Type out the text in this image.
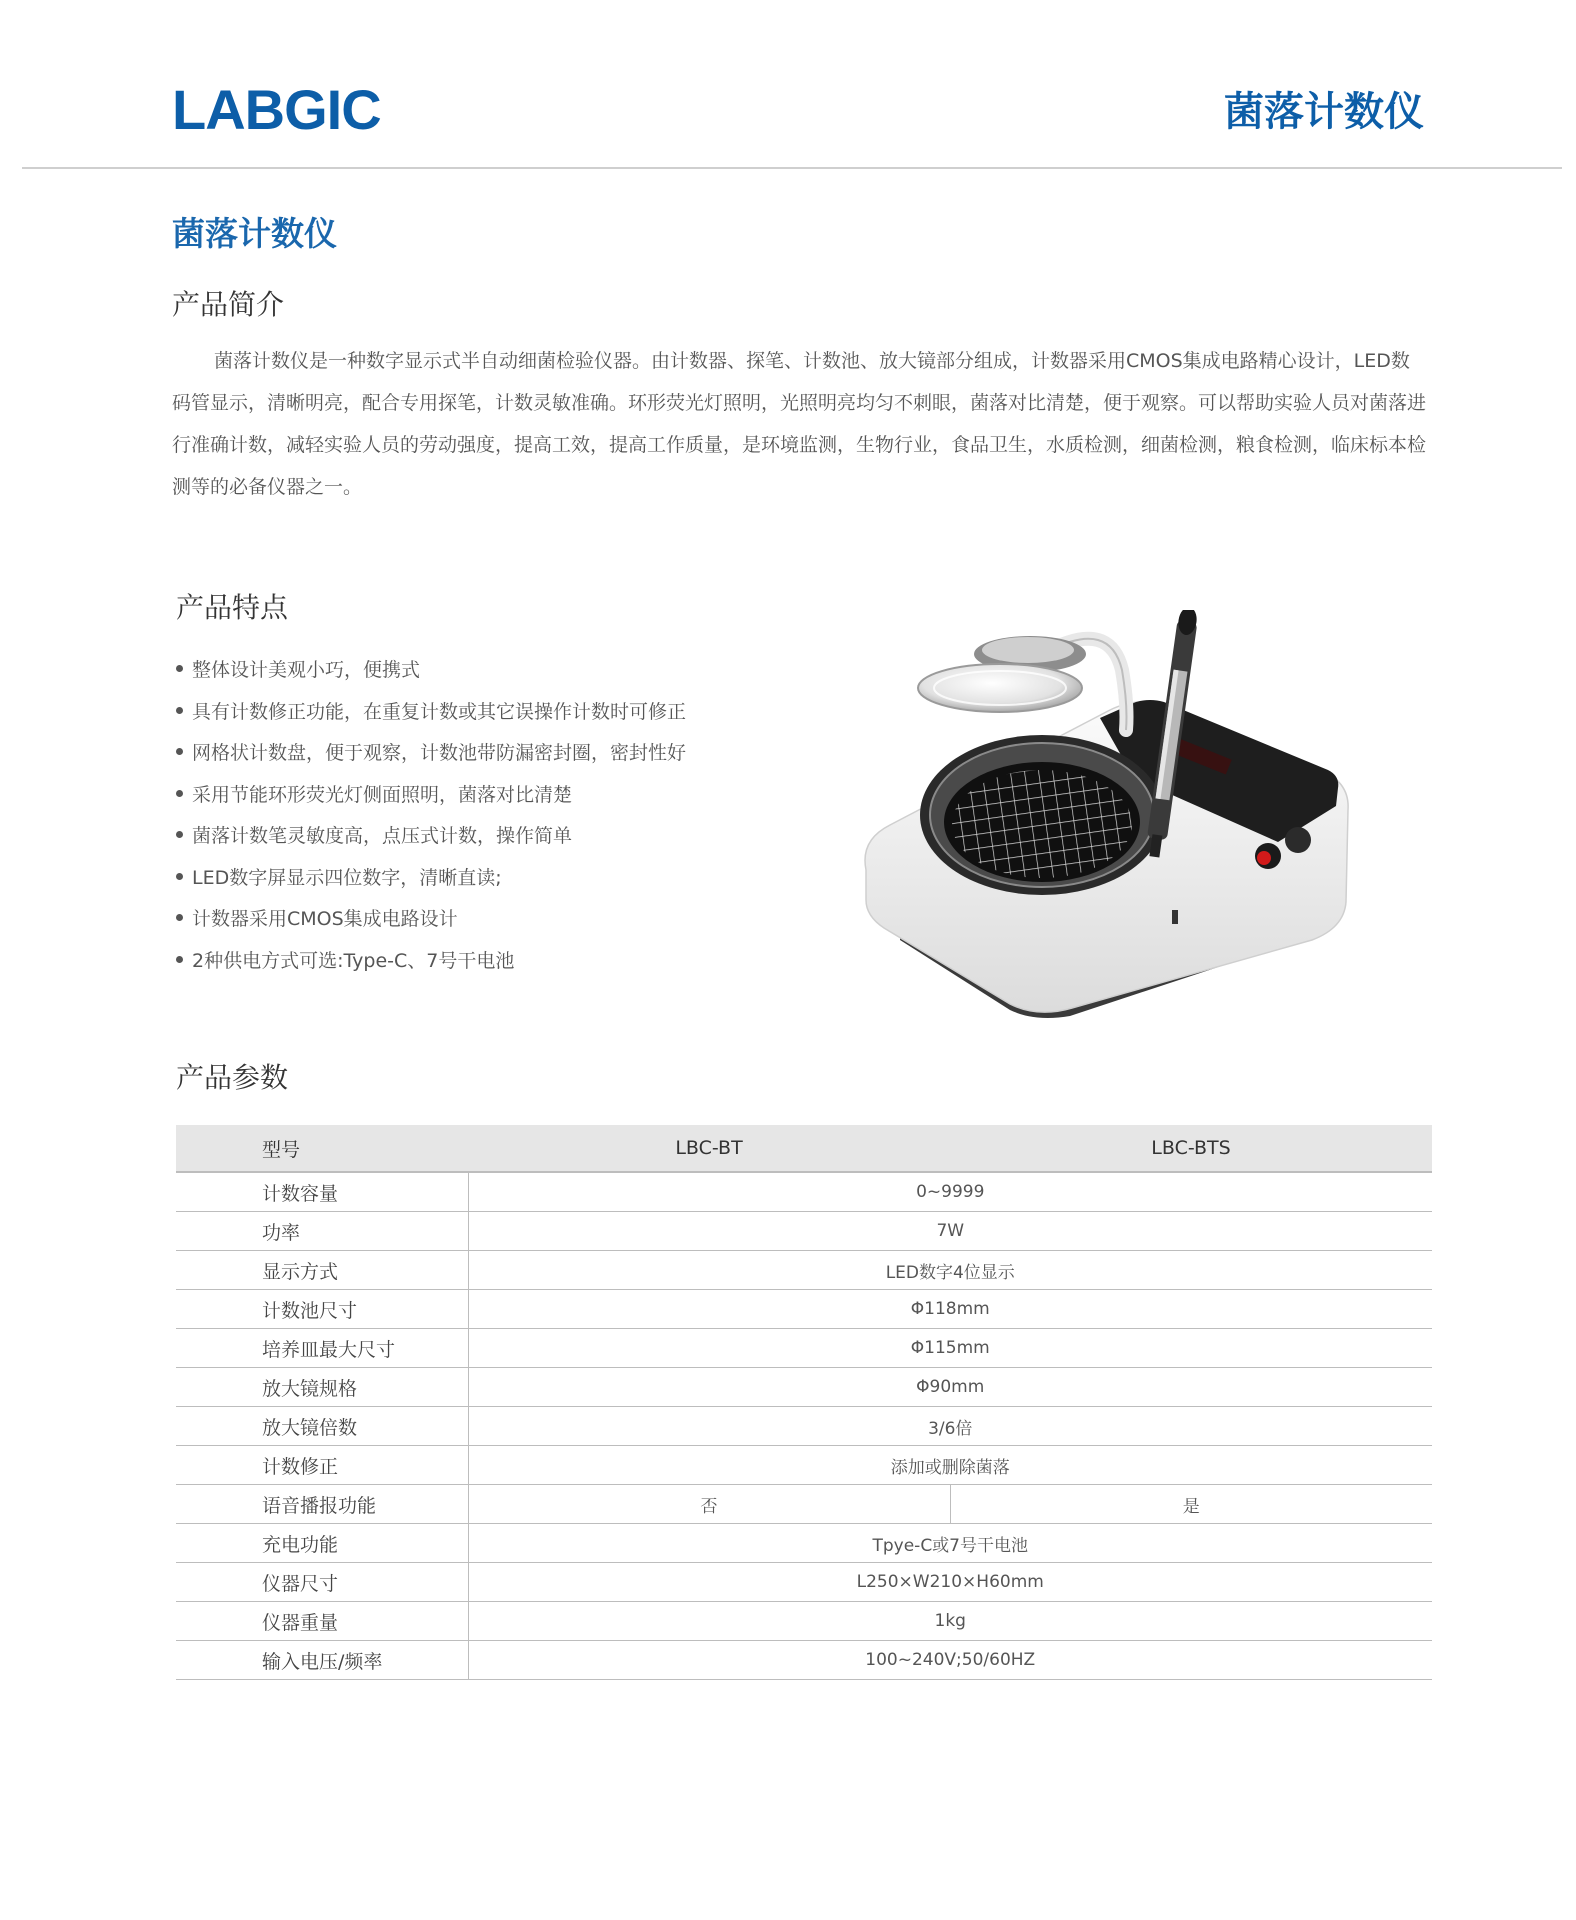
LABGIC	菌落计数仪
菌落计数仪
产品简介

菌落计数仪是一种数字显示式半自动细菌检验仪器。由计数器、探笔、计数池、放大镜部分组成，计数器采用CMOS集成电路精心设计，LED数码管显示，清晰明亮，配合专用探笔，计数灵敏准确。环形荧光灯照明，光照明亮均匀不刺眼，菌落对比清楚，便于观察。可以帮助实验人员对菌落进行准确计数，减轻实验人员的劳动强度，提高工效，提高工作质量，是环境监测，生物行业，食品卫生，水质检测，细菌检测，粮食检测，临床标本检测等的必备仪器之一。

产品特点
整体设计美观小巧，便携式
具有计数修正功能，在重复计数或其它误操作计数时可修正
网格状计数盘，便于观察，计数池带防漏密封圈，密封性好
采用节能环形荧光灯侧面照明，菌落对比清楚
菌落计数笔灵敏度高，点压式计数，操作简单
LED数字屏显示四位数字，清晰直读;
计数器采用CMOS集成电路设计
2种供电方式可选:Type-C、7号干电池
产品参数
型号	LBC-BT	LBC-BTS
计数容量	0~9999	
功率	7W	
显示方式	LED数字4位显示	
计数池尺寸	Φ118mm	
培养皿最大尺寸	Φ115mm	
放大镜规格	Φ90mm	
放大镜倍数	3/6倍	
计数修正	添加或删除菌落	
语音播报功能	否	是
充电功能	Tpye-C或7号干电池	
仪器尺寸	L250×W210×H60mm	
仪器重量	1kg	
输入电压/频率	100~240V;50/60HZ	
